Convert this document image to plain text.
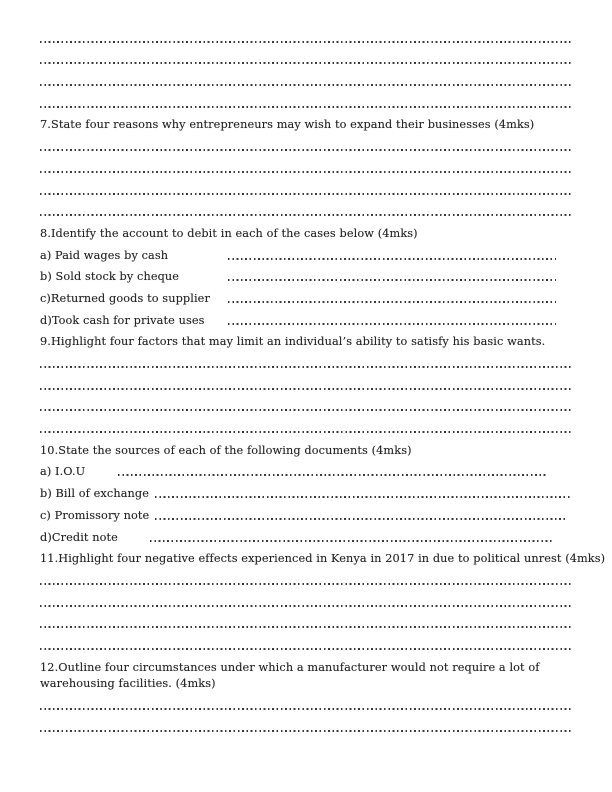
7.State four reasons why entrepreneurs may wish to expand their businesses (4mks)
8.Identify the account to debit in each of the cases below (4mks)
a) Paid wages by cash
b) Sold stock by cheque
c)Returned goods to supplier
d)Took cash for private uses
9.Highlight four factors that may limit an individual’s ability to satisfy his basic wants.
10.State the sources of each of the following documents (4mks)
a) I.O.U
b) Bill of exchange
c) Promissory note
d)Credit note
11.Highlight four negative effects experienced in Kenya in 2017 in due to political unrest (4mks)
12.Outline four circumstances under which a manufacturer would not require a lot of
warehousing facilities. (4mks)
